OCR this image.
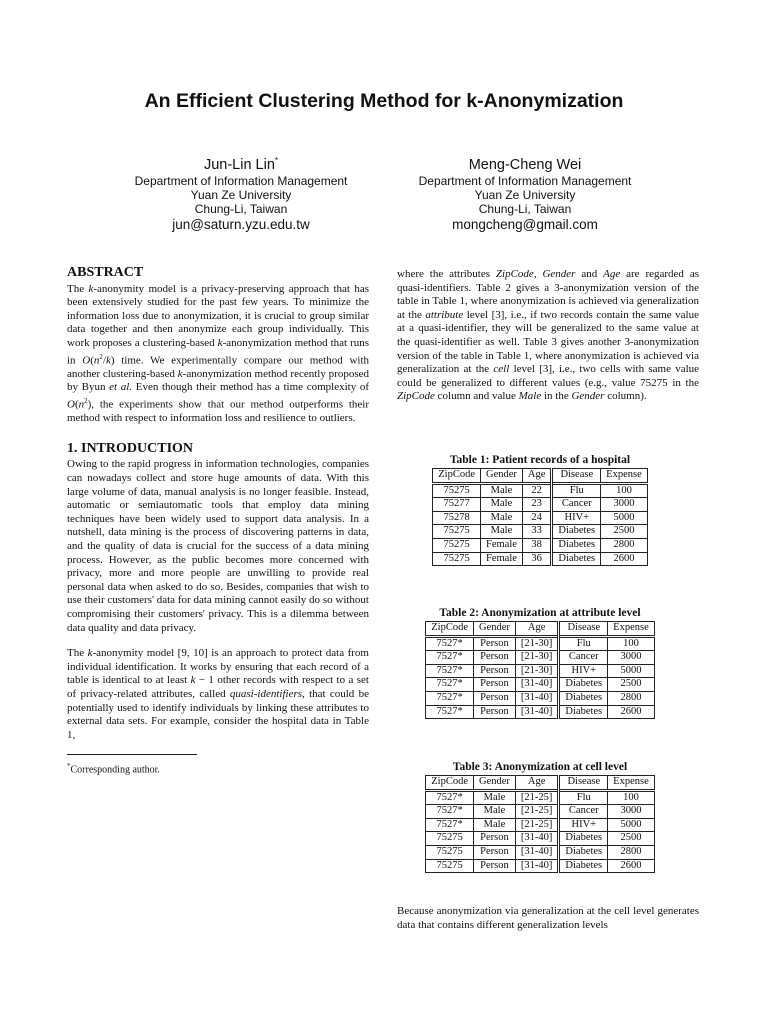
An Efficient Clustering Method for k-Anonymization
Jun-Lin Lin*
Department of Information Management
Yuan Ze University
Chung-Li, Taiwan
jun@saturn.yzu.edu.tw
Meng-Cheng Wei
Department of Information Management
Yuan Ze University
Chung-Li, Taiwan
mongcheng@gmail.com
ABSTRACT

The k-anonymity model is a privacy-preserving approach that has been extensively studied for the past few years. To minimize the information loss due to anonymization, it is crucial to group similar data together and then anonymize each group individually. This work proposes a clustering-based k-anonymization method that runs in $O(n^2/k)$ time. We experimentally compare our method with another clustering-based k-anonymization method recently proposed by Byun et al. Even though their method has a time complexity of $O(n^2)$, the experiments show that our method outperforms their method with respect to information loss and resilience to outliers.

1. INTRODUCTION

Owing to the rapid progress in information technologies, companies can nowadays collect and store huge amounts of data. With this large volume of data, manual analysis is no longer feasible. Instead, automatic or semiautomatic tools that employ data mining techniques have been widely used to support data analysis. In a nutshell, data mining is the process of discovering patterns in data, and the quality of data is crucial for the success of a data mining process. However, as the public becomes more concerned with privacy, more and more people are unwilling to provide real personal data when asked to do so. Besides, companies that wish to use their customers' data for data mining cannot easily do so without compromising their customers' privacy. This is a dilemma between data quality and data privacy.

The k-anonymity model [9, 10] is an approach to protect data from individual identification. It works by ensuring that each record of a table is identical to at least k − 1 other records with respect to a set of privacy-related attributes, called quasi-identifiers, that could be potentially used to identify individuals by linking these attributes to external data sets. For example, consider the hospital data in Table 1,

*Corresponding author.

where the attributes ZipCode, Gender and Age are regarded as quasi-identifiers. Table 2 gives a 3-anonymization version of the table in Table 1, where anonymization is achieved via generalization at the attribute level [3], i.e., if two records contain the same value at a quasi-identifier, they will be generalized to the same value at the quasi-identifier as well. Table 3 gives another 3-anonymization version of the table in Table 1, where anonymization is achieved via generalization at the cell level [3], i.e., two cells with same value could be generalized to different values (e.g., value 75275 in the ZipCode column and value Male in the Gender column).

Table 1: Patient records of a hospital
ZipCode	Gender	Age	Disease	Expense
75275	Male	22	Flu	100
75277	Male	23	Cancer	3000
75278	Male	24	HIV+	5000
75275	Male	33	Diabetes	2500
75275	Female	38	Diabetes	2800
75275	Female	36	Diabetes	2600
Table 2: Anonymization at attribute level
ZipCode	Gender	Age	Disease	Expense
7527*	Person	[21-30]	Flu	100
7527*	Person	[21-30]	Cancer	3000
7527*	Person	[21-30]	HIV+	5000
7527*	Person	[31-40]	Diabetes	2500
7527*	Person	[31-40]	Diabetes	2800
7527*	Person	[31-40]	Diabetes	2600
Table 3: Anonymization at cell level
ZipCode	Gender	Age	Disease	Expense
7527*	Male	[21-25]	Flu	100
7527*	Male	[21-25]	Cancer	3000
7527*	Male	[21-25]	HIV+	5000
75275	Person	[31-40]	Diabetes	2500
75275	Person	[31-40]	Diabetes	2800
75275	Person	[31-40]	Diabetes	2600

Because anonymization via generalization at the cell level generates data that contains different generalization levels
